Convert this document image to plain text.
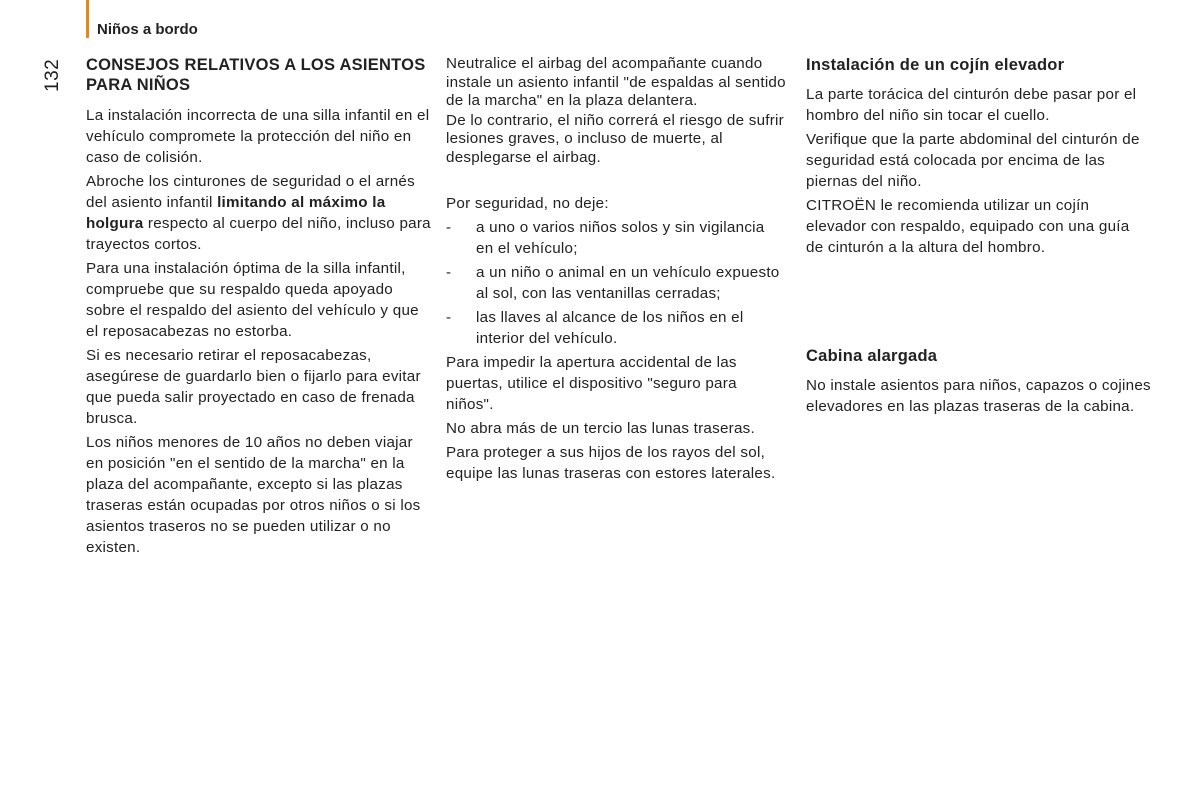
Niños a bordo
132 CONSEJOS RELATIVOS A LOS ASIENTOS PARA NIÑOS

La instalación incorrecta de una silla infantil en el vehículo compromete la protección del niño en caso de colisión.

Abroche los cinturones de seguridad o el arnés del asiento infantil limitando al máximo la holgura respecto al cuerpo del niño, incluso para trayectos cortos.

Para una instalación óptima de la silla infantil, compruebe que su respaldo queda apoyado sobre el respaldo del asiento del vehículo y que el reposacabezas no estorba.

Si es necesario retirar el reposacabezas, asegúrese de guardarlo bien o fijarlo para evitar que pueda salir proyectado en caso de frenada brusca.

Los niños menores de 10 años no deben viajar en posición "en el sentido de la marcha" en la plaza del acompañante, excepto si las plazas traseras están ocupadas por otros niños o si los asientos traseros no se pueden utilizar o no existen.

Neutralice el airbag del acompañante cuando instale un asiento infantil "de espaldas al sentido de la marcha" en la plaza delantera.

De lo contrario, el niño correrá el riesgo de sufrir lesiones graves, o incluso de muerte, al desplegarse el airbag.

Por seguridad, no deje:

- a uno o varios niños solos y sin vigilancia en el vehículo;
- a un niño o animal en un vehículo expuesto al sol, con las ventanillas cerradas;
- las llaves al alcance de los niños en el interior del vehículo.

Para impedir la apertura accidental de las puertas, utilice el dispositivo "seguro para niños".

No abra más de un tercio las lunas traseras.

Para proteger a sus hijos de los rayos del sol, equipe las lunas traseras con estores laterales.

Instalación de un cojín elevador

La parte torácica del cinturón debe pasar por el hombro del niño sin tocar el cuello.

Verifique que la parte abdominal del cinturón de seguridad está colocada por encima de las piernas del niño.

CITROËN le recomienda utilizar un cojín elevador con respaldo, equipado con una guía de cinturón a la altura del hombro.

Cabina alargada

No instale asientos para niños, capazos o cojines elevadores en las plazas traseras de la cabina.
